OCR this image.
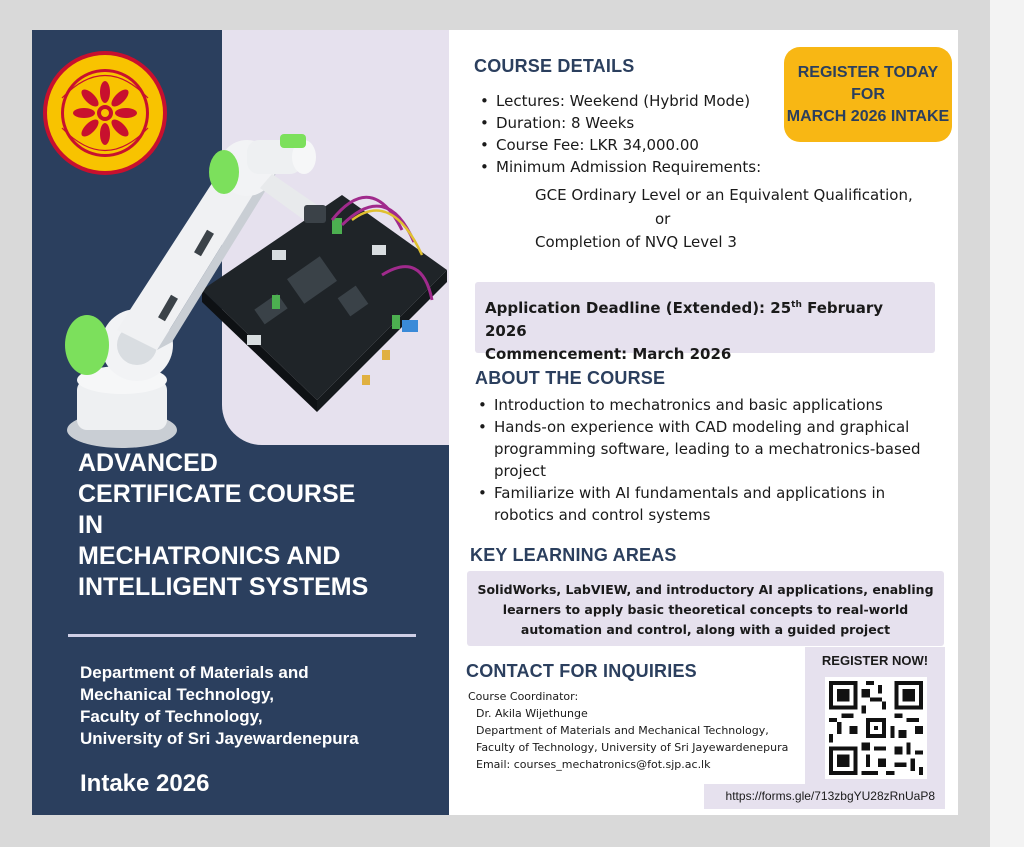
ADVANCED
CERTIFICATE COURSE
IN
MECHATRONICS AND
INTELLIGENT SYSTEMS
Department of Materials and
Mechanical Technology,
Faculty of Technology,
University of Sri Jayewardenepura
Intake 2026
REGISTER TODAY
FOR
MARCH 2026 INTAKE
COURSE DETAILS
• Lectures: Weekend (Hybrid Mode)
• Duration: 8 Weeks
• Course Fee: LKR 34,000.00
• Minimum Admission Requirements:
GCE Ordinary Level or an Equivalent Qualification,
or
Completion of NVQ Level 3
Application Deadline (Extended): 25th February 2026
Commencement: March 2026
ABOUT THE COURSE
• Introduction to mechatronics and basic applications
• Hands-on experience with CAD modeling and graphical programming software, leading to a mechatronics-based project
• Familiarize with AI fundamentals and applications in robotics and control systems
KEY LEARNING AREAS
SolidWorks, LabVIEW, and introductory AI applications, enabling learners to apply basic theoretical concepts to real-world automation and control, along with a guided project
CONTACT FOR INQUIRIES
Course Coordinator:
Dr. Akila Wijethunge
Department of Materials and Mechanical Technology,
Faculty of Technology, University of Sri Jayewardenepura
Email: courses_mechatronics@fot.sjp.ac.lk
REGISTER NOW!
https://forms.gle/713zbgYU28zRnUaP8
